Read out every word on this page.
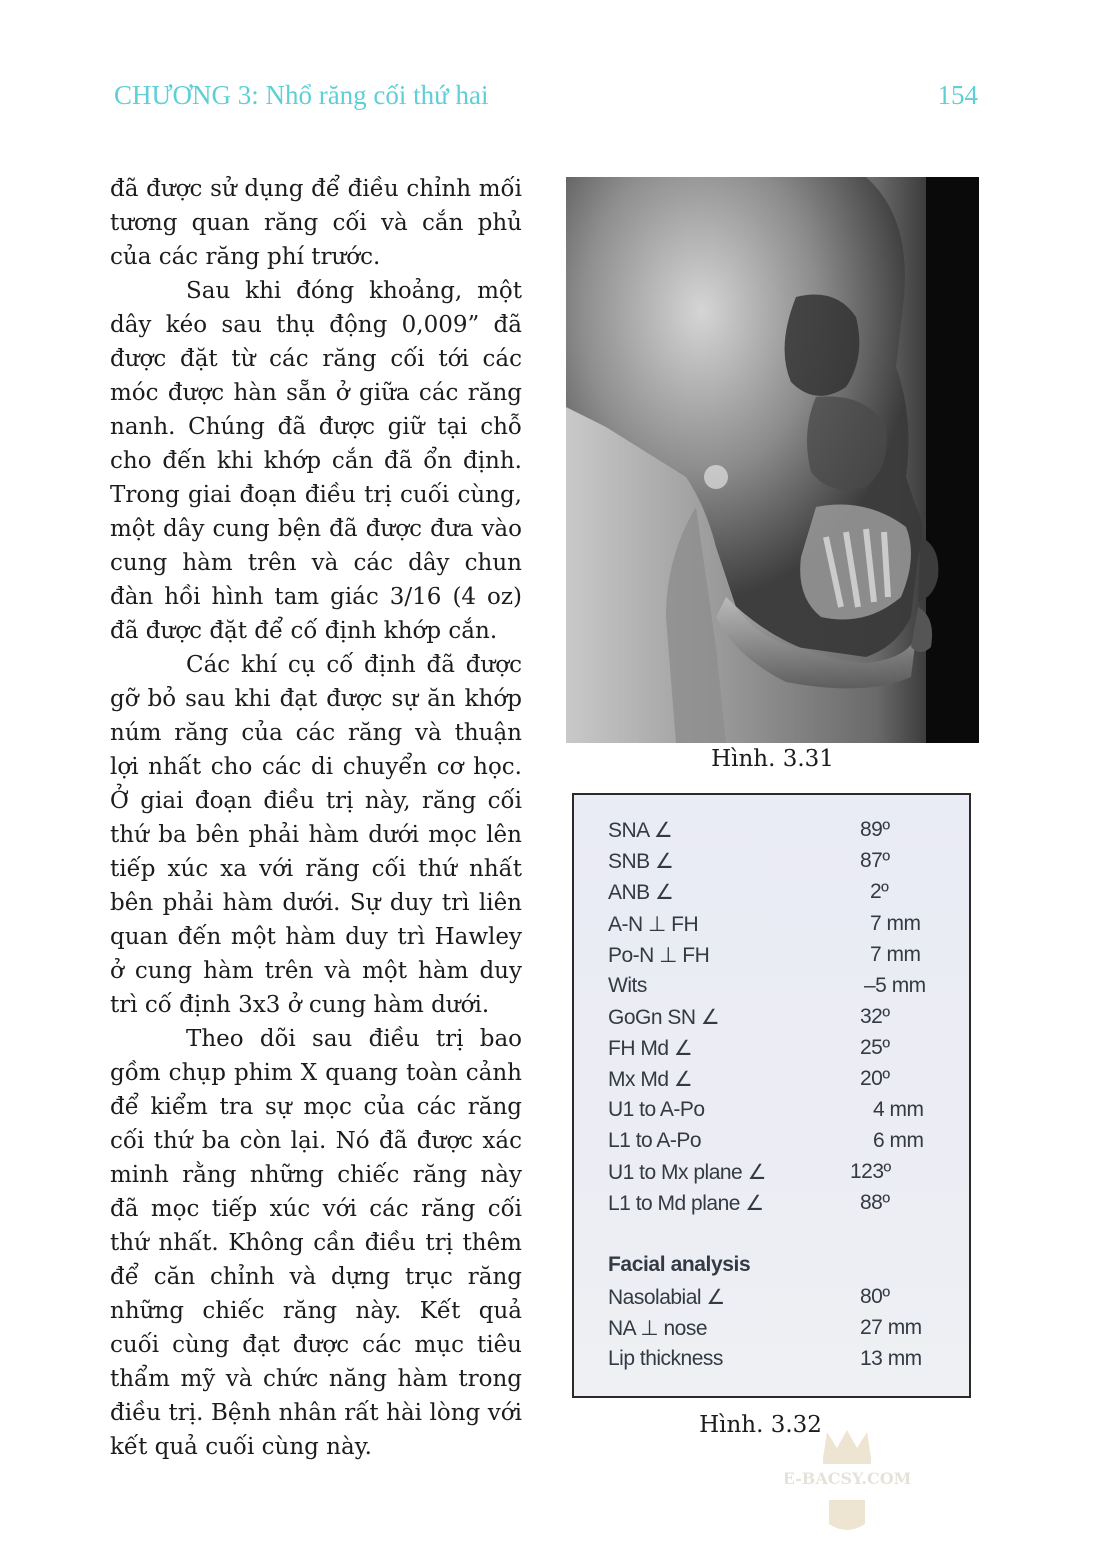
CHƯƠNG 3: Nhổ răng cối thứ hai	154

đã được sử dụng để điều chỉnh mối tương quan răng cối và cắn phủ của các răng phí trước.

Sau khi đóng khoảng, một dây kéo sau thụ động 0,009” đã được đặt từ các răng cối tới các móc được hàn sẵn ở giữa các răng nanh. Chúng đã được giữ tại chỗ cho đến khi khớp cắn đã ổn định. Trong giai đoạn điều trị cuối cùng, một dây cung bện đã được đưa vào cung hàm trên và các dây chun đàn hồi hình tam giác 3/16 (4 oz) đã được đặt để cố định khớp cắn.

Các khí cụ cố định đã được gỡ bỏ sau khi đạt được sự ăn khớp núm răng của các răng và thuận lợi nhất cho các di chuyển cơ học. Ở giai đoạn điều trị này, răng cối thứ ba bên phải hàm dưới mọc lên tiếp xúc xa với răng cối thứ nhất bên phải hàm dưới. Sự duy trì liên quan đến một hàm duy trì Hawley ở cung hàm trên và một hàm duy trì cố định 3x3 ở cung hàm dưới.

Theo dõi sau điều trị bao gồm chụp phim X quang toàn cảnh để kiểm tra sự mọc của các răng cối thứ ba còn lại. Nó đã được xác minh rằng những chiếc răng này đã mọc tiếp xúc với các răng cối thứ nhất. Không cần điều trị thêm để căn chỉnh và dựng trục răng những chiếc răng này. Kết quả cuối cùng đạt được các mục tiêu thẩm mỹ và chức năng hàm trong điều trị. Bệnh nhân rất hài lòng với kết quả cuối cùng này.

Hình. 3.31
SNA ∠	89º
SNB ∠	87º
ANB ∠	2º
A-N ⊥ FH	7 mm
Po-N ⊥ FH	7 mm
Wits	–5 mm
GoGn SN ∠	32º
FH Md ∠	25º
Mx Md ∠	20º
U1 to A-Po	4 mm
L1 to A-Po	6 mm
U1 to Mx plane ∠	123º
L1 to Md plane ∠	88º
Facial analysis
Nasolabial ∠	80º
NA ⊥ nose	27 mm
Lip thickness	13 mm
Hình. 3.32
E-BACSY.COM
